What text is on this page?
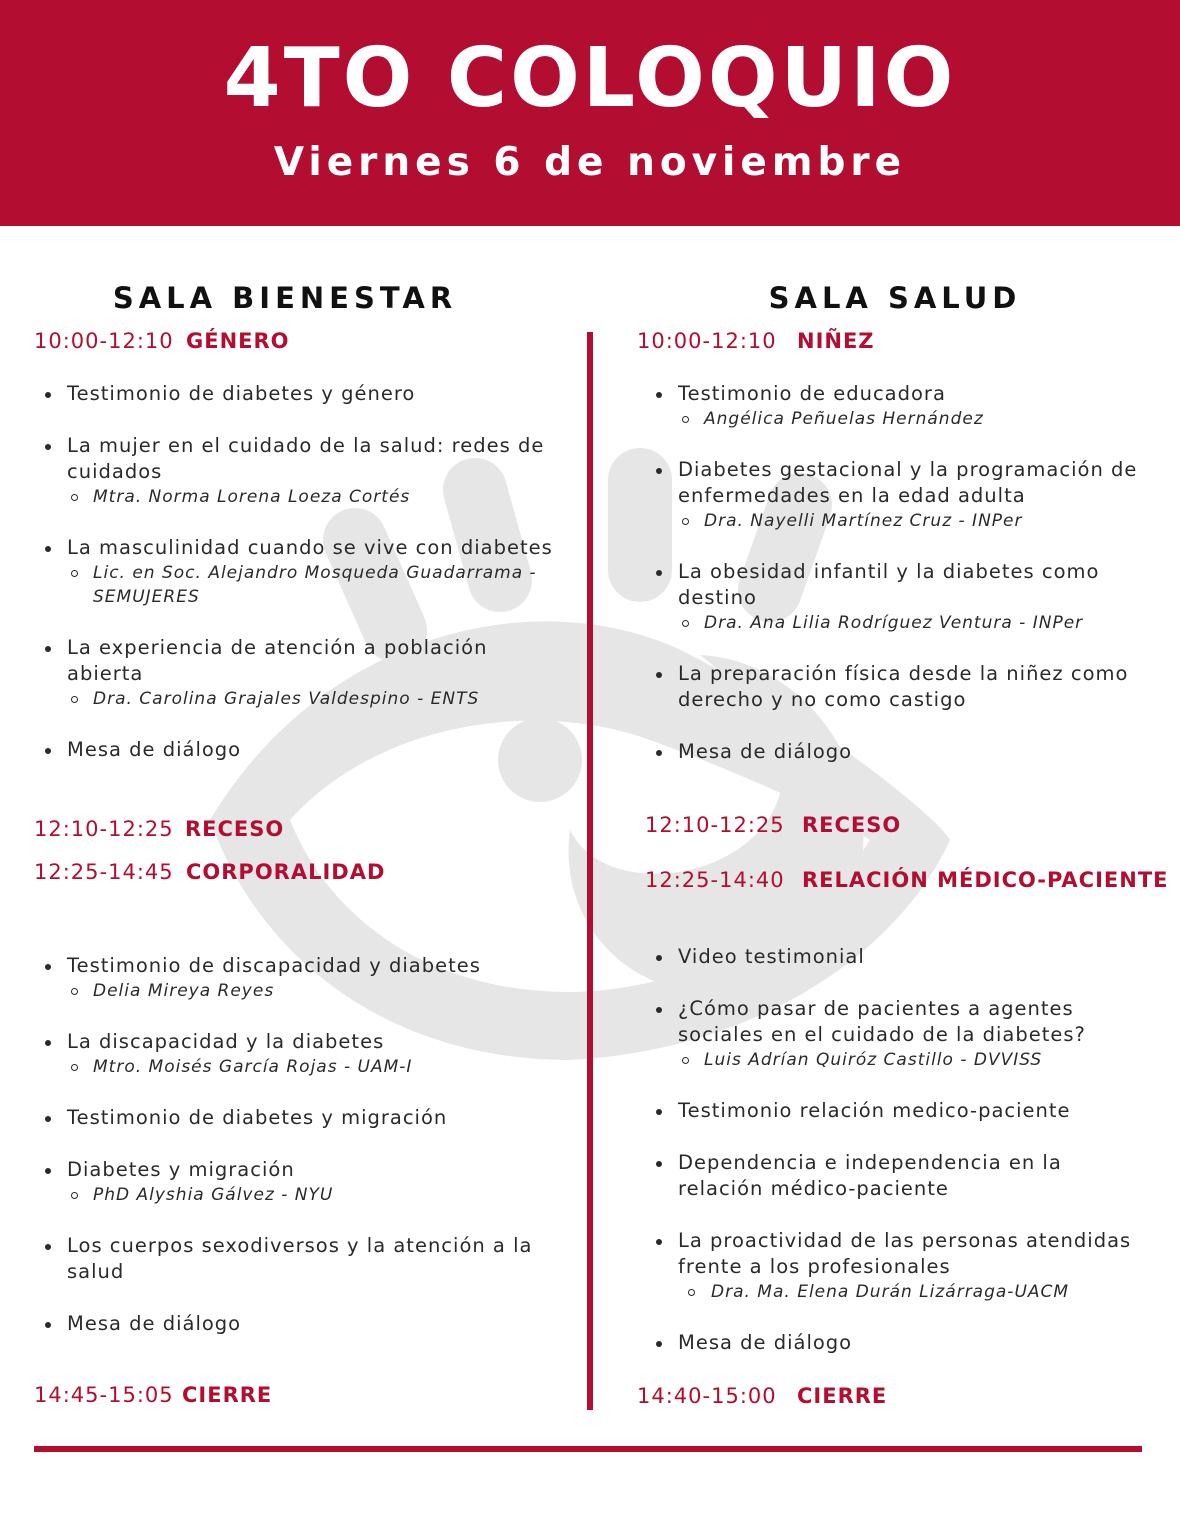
4TO COLOQUIO
Viernes 6 de noviembre
SALA BIENESTAR	SALA SALUD
10:00-12:10 GÉNERO
Testimonio de diabetes y género
La mujer en el cuidado de la salud: redes de cuidados
Mtra. Norma Lorena Loeza Cortés
La masculinidad cuando se vive con diabetes
Lic. en Soc. Alejandro Mosqueda Guadarrama - SEMUJERES
La experiencia de atención a población abierta
Dra. Carolina Grajales Valdespino - ENTS
Mesa de diálogo
12:10-12:25 RECESO
12:25-14:45 CORPORALIDAD
Testimonio de discapacidad y diabetes
Delia Mireya Reyes
La discapacidad y la diabetes
Mtro. Moisés García Rojas - UAM-I
Testimonio de diabetes y migración
Diabetes y migración
PhD Alyshia Gálvez - NYU
Los cuerpos sexodiversos y la atención a la salud
Mesa de diálogo
14:45-15:05 CIERRE
10:00-12:10 NIÑEZ
Testimonio de educadora
Angélica Peñuelas Hernández
Diabetes gestacional y la programación de enfermedades en la edad adulta
Dra. Nayelli Martínez Cruz - INPer
La obesidad infantil y la diabetes como destino
Dra. Ana Lilia Rodríguez Ventura - INPer
La preparación física desde la niñez como derecho y no como castigo
Mesa de diálogo
12:10-12:25 RECESO
12:25-14:40 RELACIÓN MÉDICO-PACIENTE
Video testimonial
¿Cómo pasar de pacientes a agentes sociales en el cuidado de la diabetes?
Luis Adrían Quiróz Castillo - DVVISS
Testimonio relación medico-paciente
Dependencia e independencia en la relación médico-paciente
La proactividad de las personas atendidas frente a los profesionales
Dra. Ma. Elena Durán Lizárraga-UACM
Mesa de diálogo
14:40-15:00 CIERRE
